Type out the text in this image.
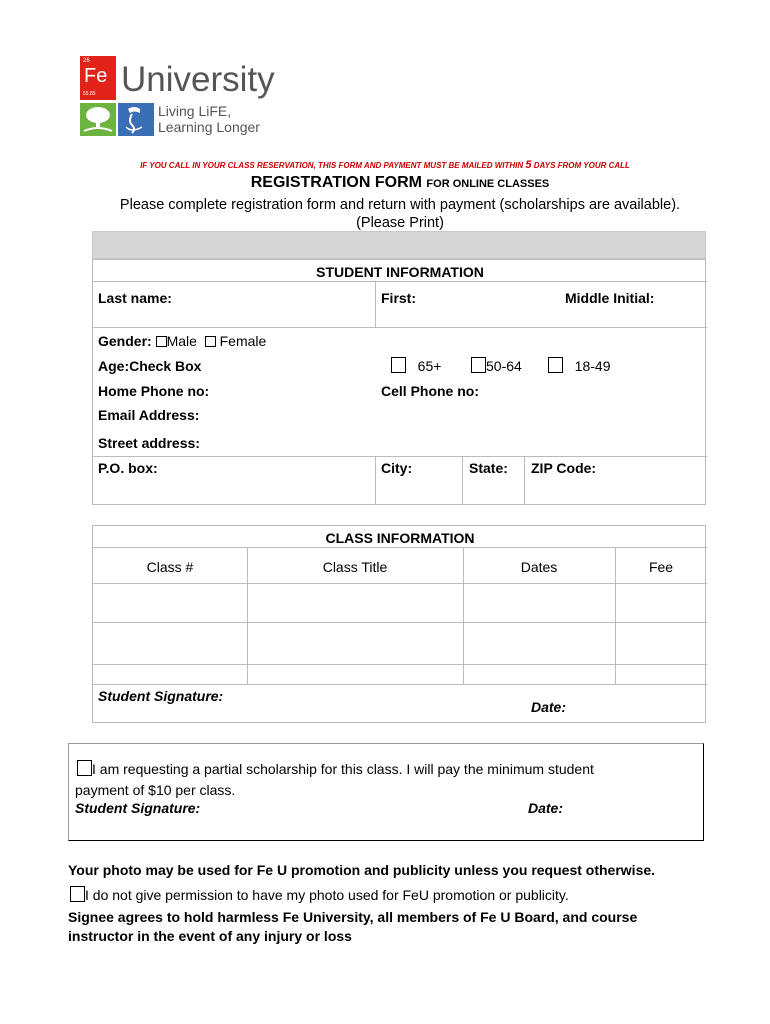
26
Fe
55.85 University
Living LiFE,
Learning Longer
IF YOU CALL IN YOUR CLASS RESERVATION, THIS FORM AND PAYMENT MUST BE MAILED WITHIN 5 DAYS FROM YOUR CALL
REGISTRATION FORM FOR ONLINE CLASSES
Please complete registration form and return with payment (scholarships are available).
(Please Print)
STUDENT INFORMATION
Last name:	First:	Middle Initial:
Gender: Male Female
Age:Check Box	65+	50-64	18-49
Home Phone no:	Cell Phone no:
Email Address:
Street address:
P.O. box:	City:	State: ZIP Code:
CLASS INFORMATION
Class #	Class Title	Dates	Fee
Student Signature:
Date:
I am requesting a partial scholarship for this class. I will pay the minimum student
payment of $10 per class.
Student Signature:	Date:
Your photo may be used for Fe U promotion and publicity unless you request otherwise.
I do not give permission to have my photo used for FeU promotion or publicity.
Signee agrees to hold harmless Fe University, all members of Fe U Board, and course
instructor in the event of any injury or loss
